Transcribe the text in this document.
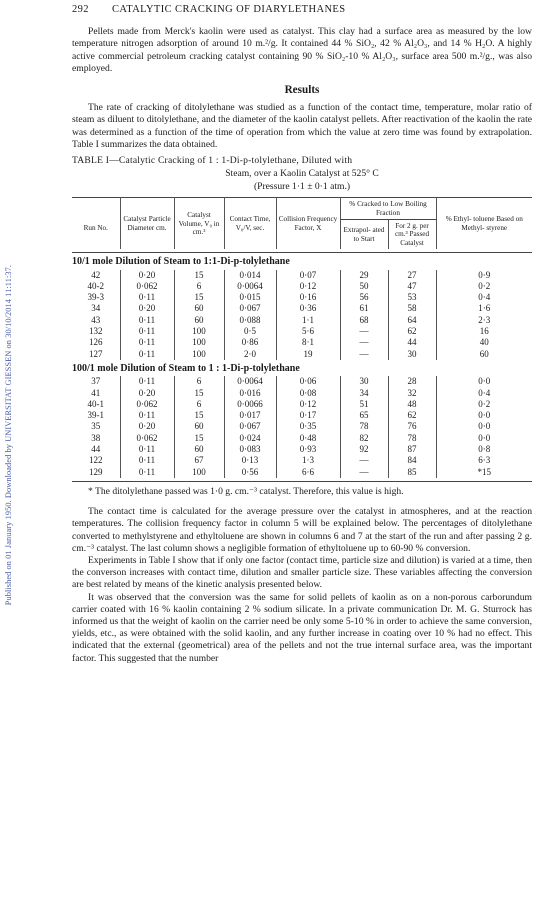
Published on 01 January 1950. Downloaded by UNIVERSITAT GIESSEN on 30/10/2014 11:11:37.
292	CATALYTIC CRACKING OF DIARYLETHANES

Pellets made from Merck's kaolin were used as catalyst. This clay had a surface area as measured by the low temperature nitrogen adsorption of around 10 m.²/g. It contained 44 % SiO₂, 42 % Al₂O₃, and 14 % H₂O. A highly active commercial petroleum cracking catalyst containing 90 % SiO₂-10 % Al₂O₃, surface area 500 m.²/g., was also employed.

Results

The rate of cracking of ditolylethane was studied as a function of the contact time, temperature, molar ratio of steam as diluent to ditolylethane, and the diameter of the kaolin catalyst pellets. After reactivation of the kaolin the rate was determined as a function of the time of operation from which the value at zero time was found by extrapolation. Table I summarizes the data obtained.

TABLE I—Catalytic Cracking of 1 : 1-Di-p-tolylethane, Diluted with
Steam, over a Kaolin Catalyst at 525° C
(Pressure 1·1 ± 0·1 atm.)
Run No.	Catalyst Particle Diameter cm.	Catalyst Volume, V₀ in cm.³	Contact Time, V₀/V, sec.	Collision Frequency Factor, X	% Cracked to Low Boiling Fraction		% Ethyl- toluene Based on Methyl- styrene
					Extrapol- ated to Start	For 2 g. per cm.³ Passed Catalyst	

10/1 mole Dilution of Steam to 1:1-Di-p-tolylethane							
42	0·20	15	0·014	0·07	29	27	0·9
40-2	0·062	6	0·0064	0·12	50	47	0·2
39-3	0·11	15	0·015	0·16	56	53	0·4
34	0·20	60	0·067	0·36	61	58	1·6
43	0·11	60	0·088	1·1	68	64	2·3
132	0·11	100	0·5	5·6	—	62	16
126	0·11	100	0·86	8·1	—	44	40
127	0·11	100	2·0	19	—	30	60
100/1 mole Dilution of Steam to 1 : 1-Di-p-tolylethane							
37	0·11	6	0·0064	0·06	30	28	0·0
41	0·20	15	0·016	0·08	34	32	0·4
40-1	0·062	6	0·0066	0·12	51	48	0·2
39-1	0·11	15	0·017	0·17	65	62	0·0
35	0·20	60	0·067	0·35	78	76	0·0
38	0·062	15	0·024	0·48	82	78	0·0
44	0·11	60	0·083	0·93	92	87	0·8
122	0·11	67	0·13	1·3	—	84	6·3
129	0·11	100	0·56	6·6	—	85	*15

* The ditolylethane passed was 1·0 g. cm.⁻³ catalyst. Therefore, this value is high.

The contact time is calculated for the average pressure over the catalyst in atmospheres, and at the reaction temperatures. The collision frequency factor in column 5 will be explained below. The percentages of ditolylethane converted to methylstyrene and ethyltoluene are shown in columns 6 and 7 at the start of the run and after passing 2 g. cm.⁻³ catalyst. The last column shows a negligible formation of ethyltoluene up to 60-90 % conversion.

Experiments in Table I show that if only one factor (contact time, particle size and dilution) is varied at a time, then the converson increases with contact time, dilution and smaller particle size. These variables affecting the conversion are best related by means of the kinetic analysis presented below.

It was observed that the conversion was the same for solid pellets of kaolin as on a non-porous carborundum carrier coated with 16 % kaolin containing 2 % sodium silicate. In a private communication Dr. M. G. Sturrock has informed us that the weight of kaolin on the carrier need be only some 5-10 % in order to achieve the same conversion, yields, etc., as were obtained with the solid kaolin, and any further increase in coating over 10 % had no effect. This indicated that the external (geometrical) area of the pellets and not the true internal surface area, was the important factor. This suggested that the number
